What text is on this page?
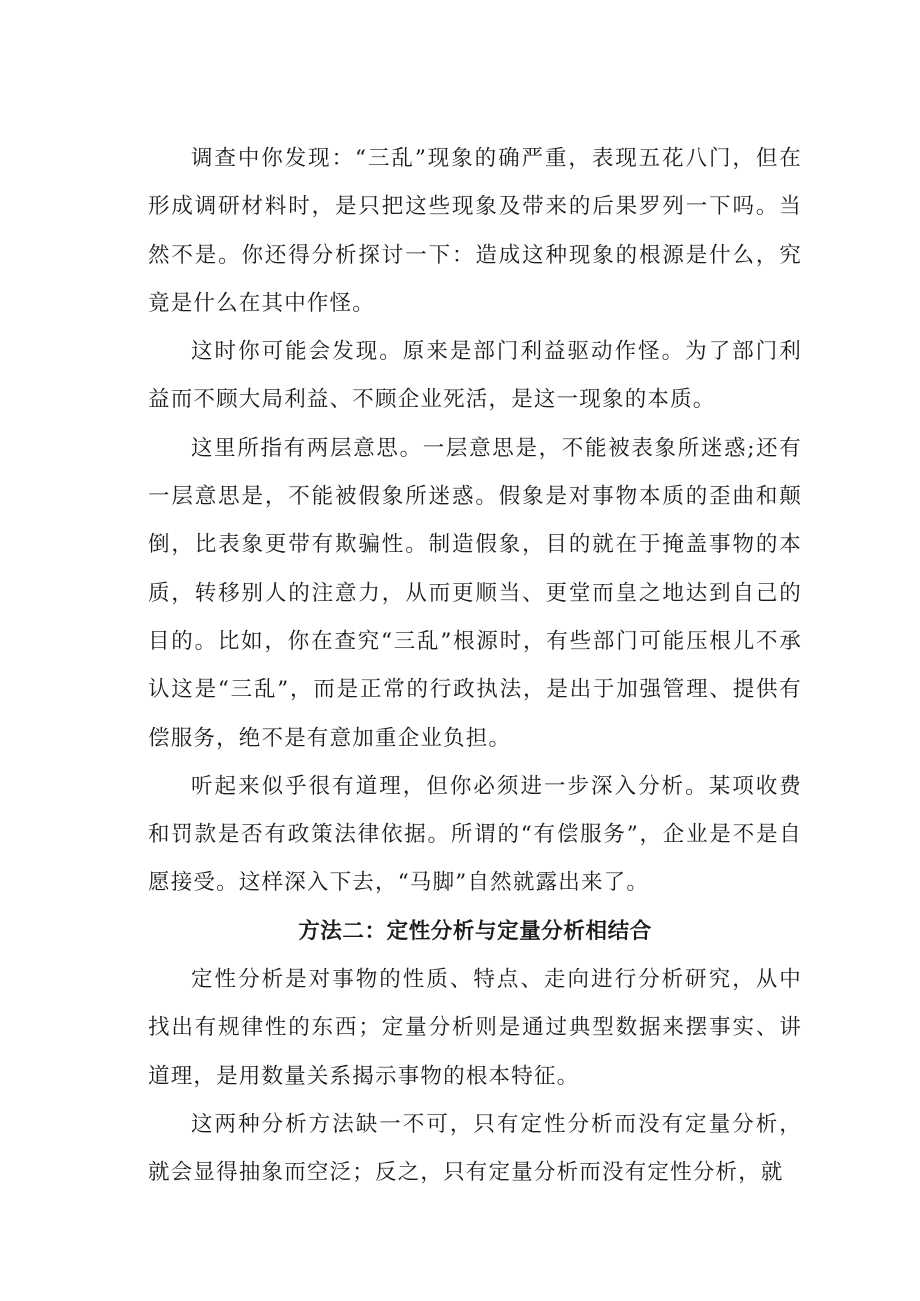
调查中你发现：“三乱”现象的确严重，表现五花八门，但在形成调研材料时，是只把这些现象及带来的后果罗列一下吗。当然不是。你还得分析探讨一下：造成这种现象的根源是什么，究竟是什么在其中作怪。

这时你可能会发现。原来是部门利益驱动作怪。为了部门利益而不顾大局利益、不顾企业死活，是这一现象的本质。

这里所指有两层意思。一层意思是，不能被表象所迷惑;还有一层意思是，不能被假象所迷惑。假象是对事物本质的歪曲和颠倒，比表象更带有欺骗性。制造假象，目的就在于掩盖事物的本质，转移别人的注意力，从而更顺当、更堂而皇之地达到自己的目的。比如，你在查究“三乱”根源时，有些部门可能压根儿不承认这是“三乱”，而是正常的行政执法，是出于加强管理、提供有偿服务，绝不是有意加重企业负担。

听起来似乎很有道理，但你必须进一步深入分析。某项收费和罚款是否有政策法律依据。所谓的“有偿服务”，企业是不是自愿接受。这样深入下去，“马脚”自然就露出来了。

方法二：定性分析与定量分析相结合

定性分析是对事物的性质、特点、走向进行分析研究，从中找出有规律性的东西；定量分析则是通过典型数据来摆事实、讲道理，是用数量关系揭示事物的根本特征。

这两种分析方法缺一不可，只有定性分析而没有定量分析，就会显得抽象而空泛；反之，只有定量分析而没有定性分析，就
